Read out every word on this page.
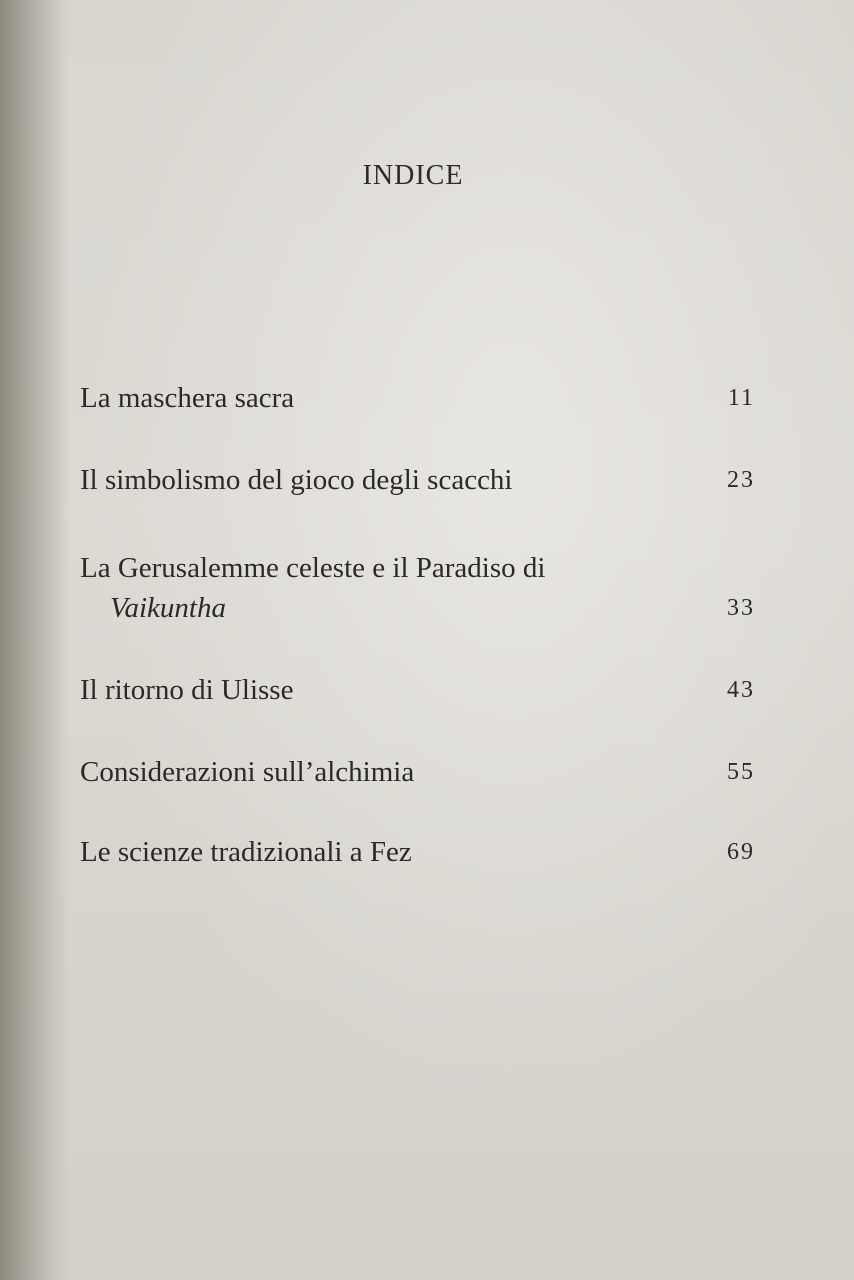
INDICE
La maschera sacra	11
Il simbolismo del gioco degli scacchi	23
La Gerusalemme celeste e il Paradiso di
Vaikuntha	33
Il ritorno di Ulisse	43
Considerazioni sull’alchimia	55
Le scienze tradizionali a Fez	69
